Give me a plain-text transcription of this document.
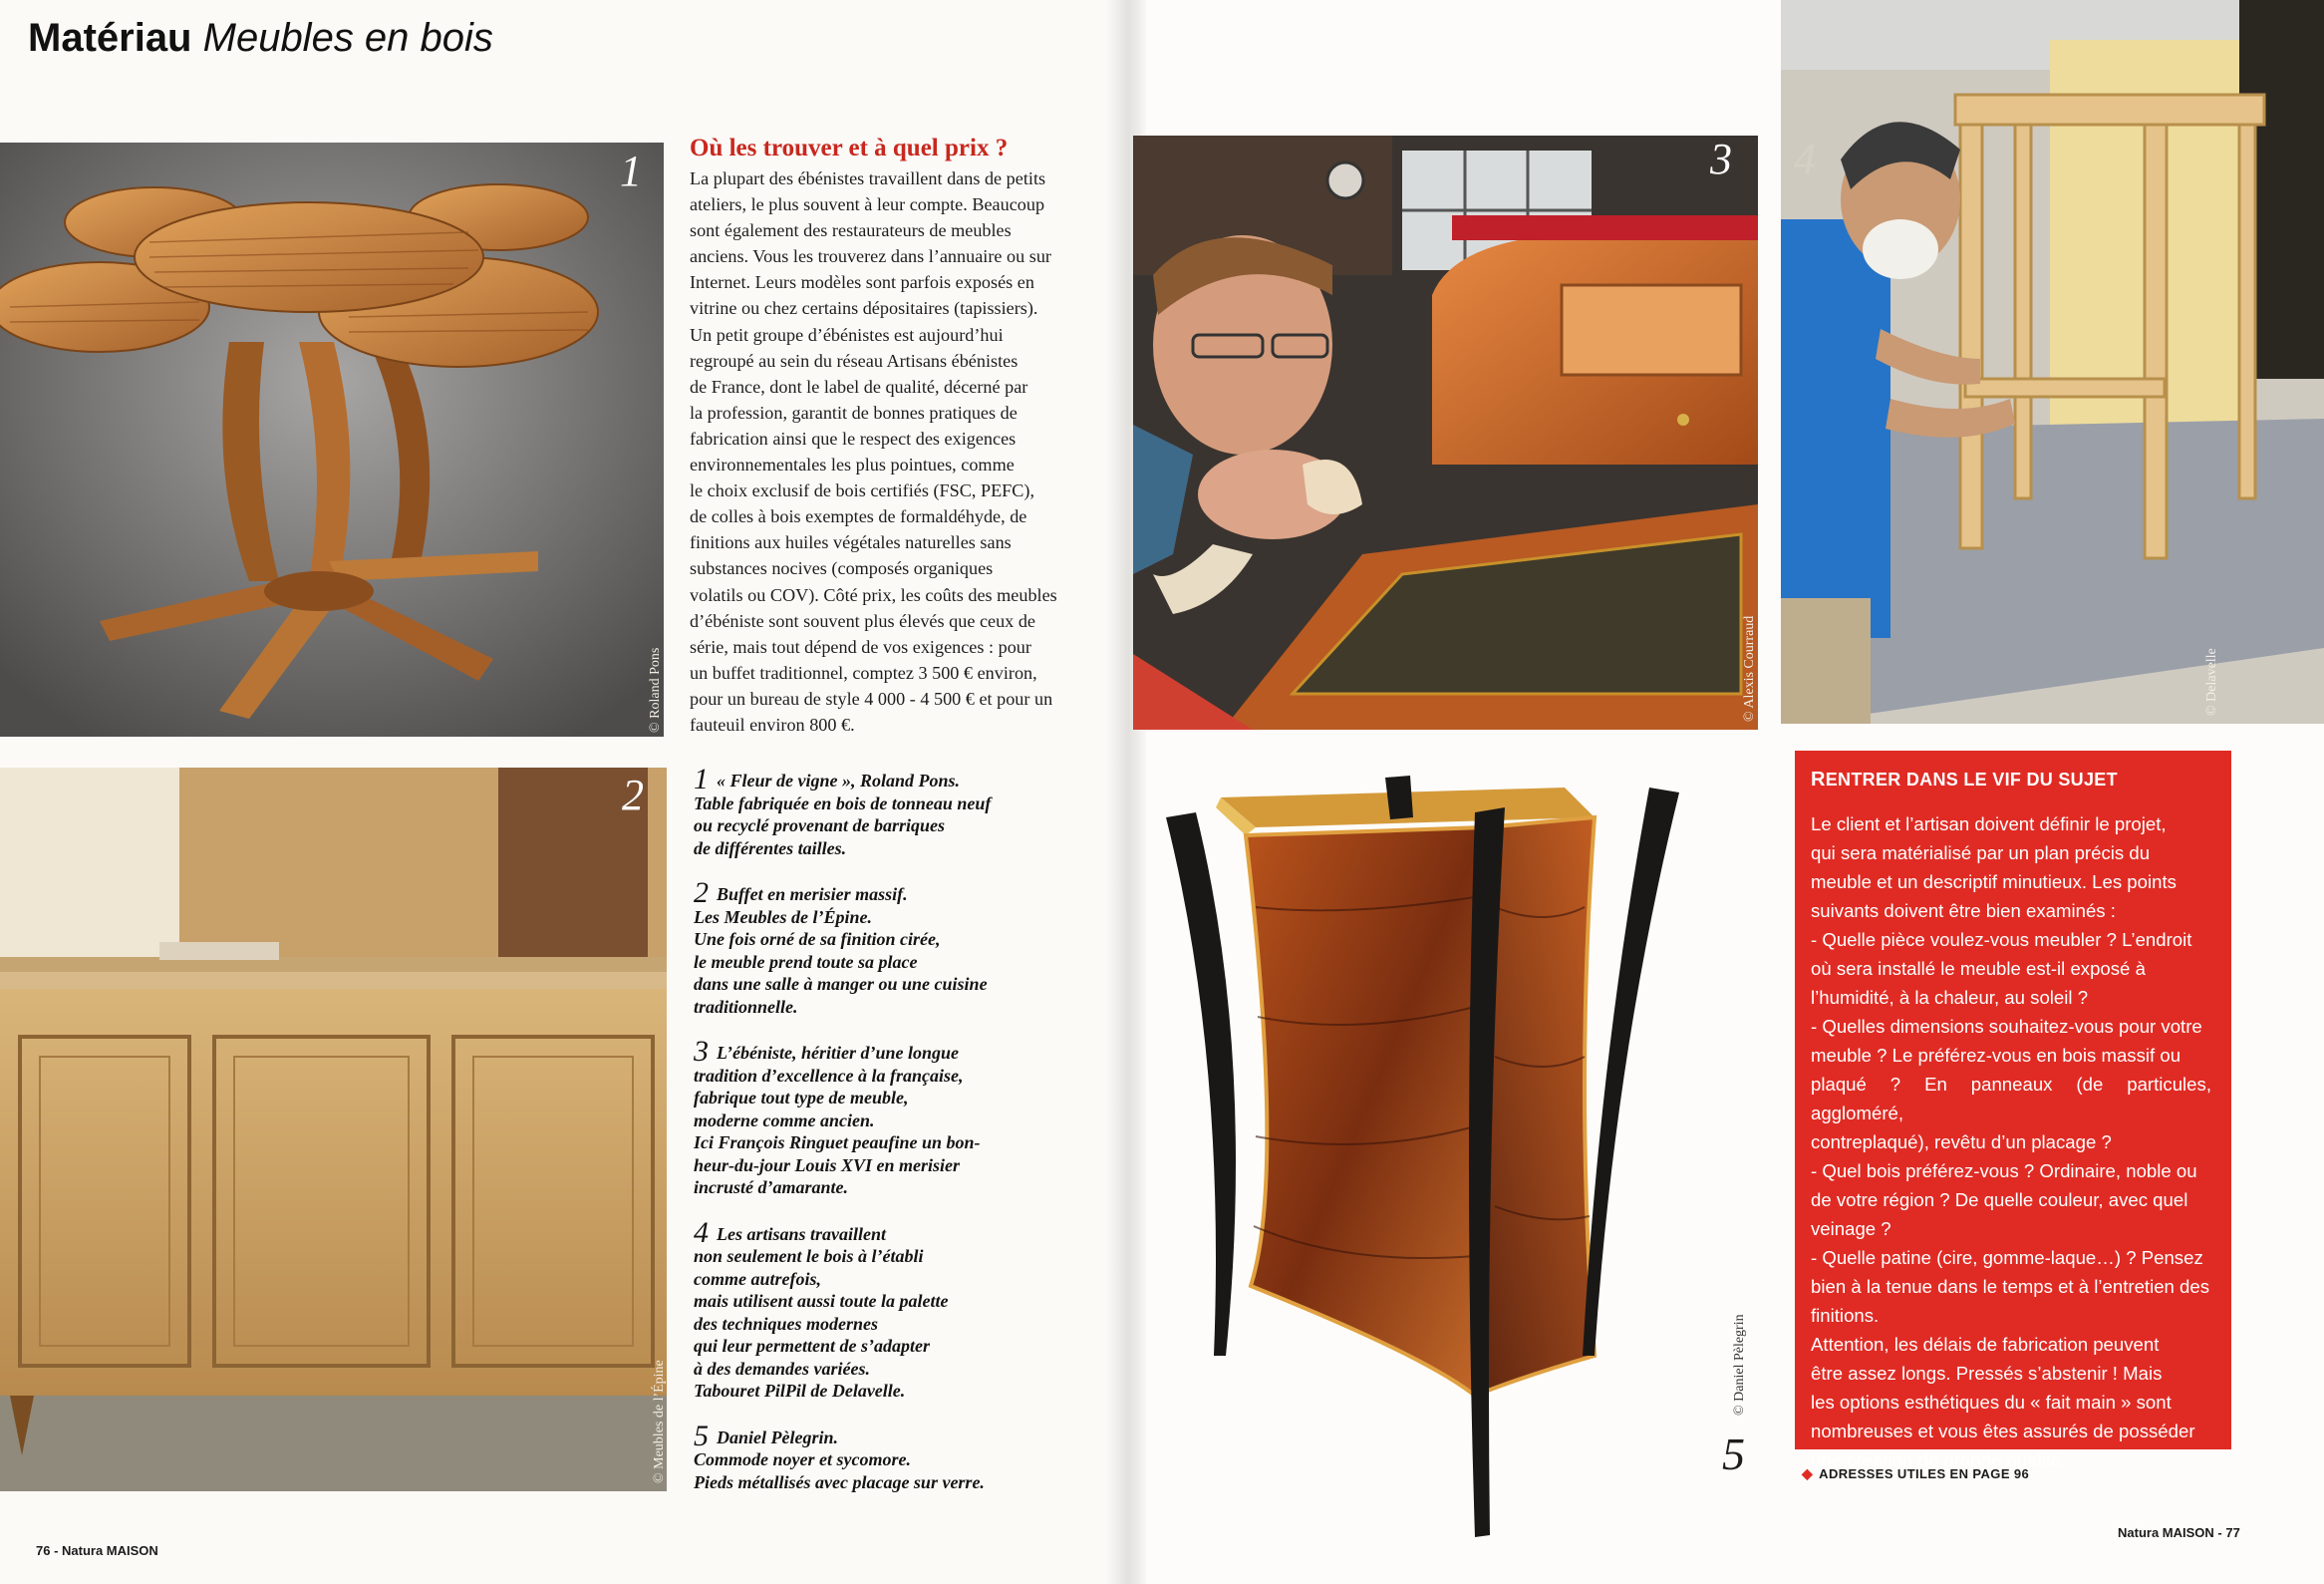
Matériau Meubles en bois
1
© Roland Pons
2
© Meubles de l’Épine
Où les trouver et à quel prix ?
La plupart des ébénistes travaillent dans de petits
ateliers, le plus souvent à leur compte. Beaucoup
sont également des restaurateurs de meubles
anciens. Vous les trouverez dans l’annuaire ou sur
Internet. Leurs modèles sont parfois exposés en
vitrine ou chez certains dépositaires (tapissiers).
Un petit groupe d’ébénistes est aujourd’hui
regroupé au sein du réseau Artisans ébénistes
de France, dont le label de qualité, décerné par
la profession, garantit de bonnes pratiques de
fabrication ainsi que le respect des exigences
environnementales les plus pointues, comme
le choix exclusif de bois certifiés (FSC, PEFC),
de colles à bois exemptes de formaldéhyde, de
finitions aux huiles végétales naturelles sans
substances nocives (composés organiques
volatils ou COV). Côté prix, les coûts des meubles
d’ébéniste sont souvent plus élevés que ceux de
série, mais tout dépend de vos exigences : pour
un buffet traditionnel, comptez 3 500 € environ,
pour un bureau de style 4 000 - 4 500 € et pour un
fauteuil environ 800 €.
1 « Fleur de vigne », Roland Pons.
Table fabriquée en bois de tonneau neuf
ou recyclé provenant de barriques
de différentes tailles.
2 Buffet en merisier massif.
Les Meubles de l’Épine.
Une fois orné de sa finition cirée,
le meuble prend toute sa place
dans une salle à manger ou une cuisine
traditionnelle.
3 L’ébéniste, héritier d’une longue
tradition d’excellence à la française,
fabrique tout type de meuble,
moderne comme ancien.
Ici François Ringuet peaufine un bon-
heur-du-jour Louis XVI en merisier
incrusté d’amarante.
4 Les artisans travaillent
non seulement le bois à l’établi
comme autrefois,
mais utilisent aussi toute la palette
des techniques modernes
qui leur permettent de s’adapter
à des demandes variées.
Tabouret PilPil de Delavelle.
5 Daniel Pèlegrin.
Commode noyer et sycomore.
Pieds métallisés avec placage sur verre.
3
© Alexis Courraud
4
© Delavelle
5
© Daniel Pèlegrin
RENTRER DANS LE VIF DU SUJET

Le client et l’artisan doivent définir le projet,

qui sera matérialisé par un plan précis du

meuble et un descriptif minutieux. Les points

suivants doivent être bien examinés :

- Quelle pièce voulez-vous meubler ? L’endroit

où sera installé le meuble est-il exposé à

l’humidité, à la chaleur, au soleil ?

- Quelles dimensions souhaitez-vous pour votre

meuble ? Le préférez-vous en bois massif ou

plaqué ? En panneaux (de particules, aggloméré,

contreplaqué), revêtu d’un placage ?

- Quel bois préférez-vous ? Ordinaire, noble ou

de votre région ? De quelle couleur, avec quel

veinage ?

- Quelle patine (cire, gomme-laque…) ? Pensez

bien à la tenue dans le temps et à l’entretien des

finitions.

Attention, les délais de fabrication peuvent

être assez longs. Pressés s’abstenir ! Mais

les options esthétiques du « fait main » sont

nombreuses et vous êtes assurés de posséder

une création de grande qualité.

◆ ADRESSES UTILES EN PAGE 96
76 - Natura MAISON
Natura MAISON - 77
